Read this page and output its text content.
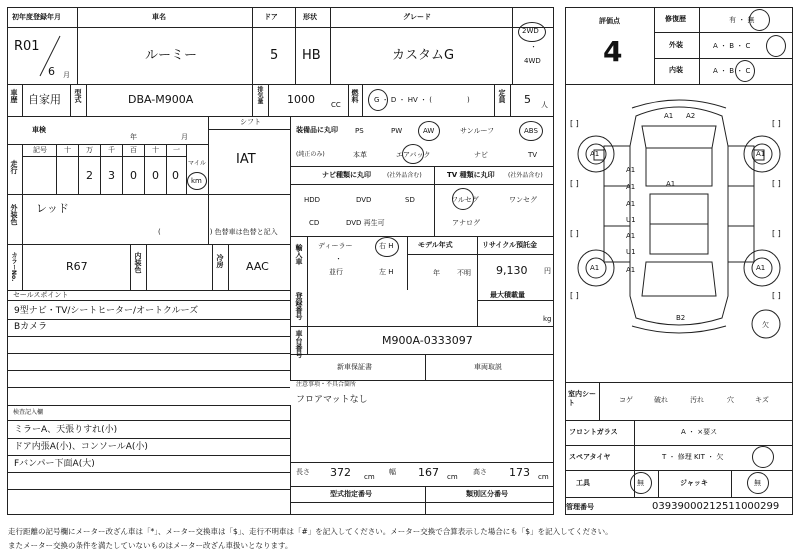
初年度登録年月	車名	ドア	形状	グレード
R01
6 月
ルーミー	5 HB	カスタムG
2WD
・
4WD
車歴 自家用 型式	DBA-M900A	排気量 1000 CC
燃料 G ・ D ・ HV ・ (　　　　　)	定員 5 人
車検
年	月
シフト
IAT
走行
記号 十 万 千 百 十 一
2 3 0 0 0
マイル
km
外装色 レッド
(　　　　　　　) 色替車は色替と記入
カラーNo.	R67	内装色	冷房 AAC
装備品に丸印
(純正のみ)
PS	PW	AW	サンルーフ	ABS
本革	エアバック	ナビ	TV
ナビ種類に丸印	(社外品含む)
HDD	DVD	SD
CD	DVD 再生可
TV 種類に丸印 (社外品含む)
フルセグ	ワンセグ
アナログ
輸入車 ディーラー
・
並行
右 H
左 H
モデル年式
年 不明
リサイクル預託金
9,130 円
セールスポイント
9型ナビ・TV/シートヒーター/オートクルーズ
Bカメラ
登録番号	最大積載量
kg
車台番号	M900A-0333097
新車保証書	車両取説
注意事項・不具合箇所
フロアマットなし
検査記入欄
ミラーA、天張りすれ(小)
ドア内張A(小)、コンソールA(小)
Fバンパー下面A(大)
長さ 372 cm
幅 167 cm
高さ 173 cm
型式指定番号	類別区分番号
評価点
4
修復歴	有 ・ 無
外装	A ・ B ・ C
内装	A ・ B ・ C
A1 A2
A1	A1
A1
A1
A1
U1
A1
U1
A1
A1	A1
A1
B2
欠
[ ]	[ ]
[ ]	[ ]
[ ]	[ ]
[ ]	[ ]
室内シート	コゲ	破れ	汚れ	穴	キズ
フロントガラス	A ・ ×要ス
スペアタイヤ	T ・ 修理 KIT ・ 欠
工具	無	ジャッキ	無
管理番号	0393900021251100029​9
走行距離の記号欄にメーター改ざん車は「*」、メーター交換車は「$」、走行不明車は「#」を記入してください。メーター交換で合算表示した場合にも「$」を記入してください。
またメーター交換の条件を満たしていないものはメーター改ざん車扱いとなります。
